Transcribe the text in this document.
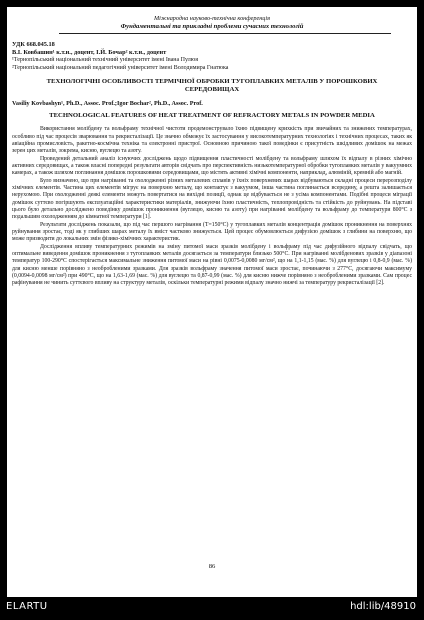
Міжнародна науково-технічна конференція
Фундаментальні та прикладні проблеми сучасних технологій
УДК 668.045.18
В.І. Ковбашин¹ к.т.н., доцент, І.Й. Бочар² к.т.н., доцент
¹Тернопільський національний технічний університет імені Івана Пулюя
²Тернопільський національний педагогічний університет імені Володимира Гнатюка
ТЕХНОЛОГІЧНІ ОСОБЛИВОСТІ ТЕРМІЧНОЇ ОБРОБКИ ТУГОПЛАВКИХ МЕТАЛІВ У ПОРОШКОВИХ СЕРЕДОВИЩАХ
Vasiliy Kovbashyn¹, Ph.D., Assoc. Prof.;Igor Bochar², Ph.D., Assoc. Prof.
TECHNOLOGICAL FEATURES OF HEAT TREATMENT OF REFRACTORY METALS IN POWDER MEDIA

Використання молібдену та вольфраму технічної чистоти продемонструвало їхню підвищену крихкість при звичайних та знижених температурах, особливо під час процесів зварювання та рекристалізації. Це значно обмежує їх застосування у високотемпературних технологіях і технічних процесах, таких як авіаційна промисловість, ракетно-космічна техніка та електронні пристрої. Основною причиною такої поведінки є присутність шкідливих домішок на межах зерен цих металів, зокрема, кисню, вуглецю та азоту.

Проведений детальний аналіз існуючих досліджень щодо підвищення пластичності молібдену та вольфраму шляхом їх відпалу в різних хімічно активних середовищах, а також власні попередні результати авторів свідчать про перспективність низькотемпературної обробки тугоплавких металів у вакуумних камерах, а також шляхом поглинання домішок порошковими середовищами, що містять активні хімічні компоненти, наприклад, алюміній, кремній або магній.

Було визначено, що при нагріванні та охолодженні різних металевих сплавів у їхніх поверхневих шарах відбуваються складні процеси перерозподілу хімічних елементів. Частина цих елементів мігрує на поверхню металу, що контактує з вакуумом, інша частина поглинається всередину, а решта залишається нерухомою. При охолодженні деякі елементи можуть повертатися на вихідні позиції, однак це відбувається не з усіма компонентами. Подібні процеси міграції домішок суттєво погіршують експлуатаційні характеристики матеріалів, знижуючи їхню пластичність, теплопровідність та стійкість до руйнувань. На підставі цього було детально досліджено поведінку домішок проникнення (вуглецю, кисню та азоту) при нагріванні молібдену та вольфраму до температури 800°С з подальшим охолодженням до кімнатної температури [1].

Результати досліджень показали, що під час першого нагрівання (Т=150°С) у тугоплавких металів концентрація домішок проникнення на поверхнях руйнування зростає, тоді як у глибших шарах металу їх вміст частково знижується. Цей процес обумовлюється дифузією домішок з глибини на поверхню, що може призводити до локальних змін фізико-хімічних характеристик.

Дослідження впливу температурних режимів на зміну питомої маси зразків молібдену і вольфраму під час дифузійного відпалу свідчать, що оптимальне виведення домішок проникнення з тугоплавких металів досягається за температури близько 500°С. При нагріванні молібденових зразків у діапазоні температур 100-290°С спостерігається максимальне зниження питомої маси на рівні 0,0075-0,0080 мг/см², що на 1,1-1,15 (мас. %) для вуглецю і 0,8-0,9 (мас. %) для кисню менше порівняно з необробленими зразками. Для зразків вольфраму значення питомої маси зростає, починаючи з 277°С, досягаючи максимуму (0,0094-0,0098 мг/см²) при 490°С, що на 1,63-1,69 (мас. %) для вуглецю та 0,87-0,99 (мас. %) для кисню нижче порівняно з необробленими зразками. Сам процес рафінування не чинить суттєвого впливу на структуру металів, оскільки температурні режими відпалу значно нижчі за температуру рекристалізації [2].

86
ELARTU	hdl:lib/48910
